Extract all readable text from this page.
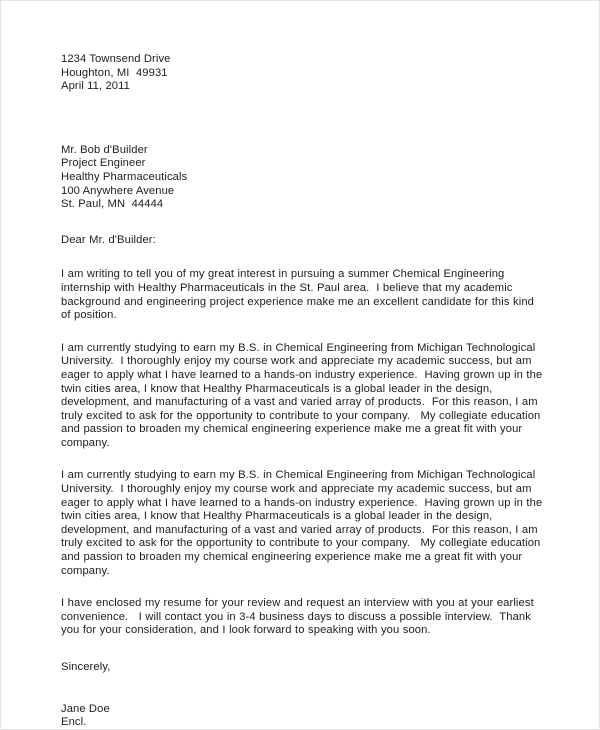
1234 Townsend Drive
Houghton, MI  49931
April 11, 2011
Mr. Bob d'Builder
Project Engineer
Healthy Pharmaceuticals
100 Anywhere Avenue
St. Paul, MN  44444

Dear Mr. d'Builder:

I am writing to tell you of my great interest in pursuing a summer Chemical Engineering internship with Healthy Pharmaceuticals in the St. Paul area.  I believe that my academic background and engineering project experience make me an excellent candidate for this kind of position.

I am currently studying to earn my B.S. in Chemical Engineering from Michigan Technological University.  I thoroughly enjoy my course work and appreciate my academic success, but am eager to apply what I have learned to a hands-on industry experience.  Having grown up in the twin cities area, I know that Healthy Pharmaceuticals is a global leader in the design, development, and manufacturing of a vast and varied array of products.  For this reason, I am truly excited to ask for the opportunity to contribute to your company.   My collegiate education and passion to broaden my chemical engineering experience make me a great fit with your company.

I am currently studying to earn my B.S. in Chemical Engineering from Michigan Technological University.  I thoroughly enjoy my course work and appreciate my academic success, but am eager to apply what I have learned to a hands-on industry experience.  Having grown up in the twin cities area, I know that Healthy Pharmaceuticals is a global leader in the design, development, and manufacturing of a vast and varied array of products.  For this reason, I am truly excited to ask for the opportunity to contribute to your company.   My collegiate education and passion to broaden my chemical engineering experience make me a great fit with your company.

I have enclosed my resume for your review and request an interview with you at your earliest convenience.   I will contact you in 3-4 business days to discuss a possible interview.  Thank you for your consideration, and I look forward to speaking with you soon.

Sincerely,

Jane Doe
Encl.
